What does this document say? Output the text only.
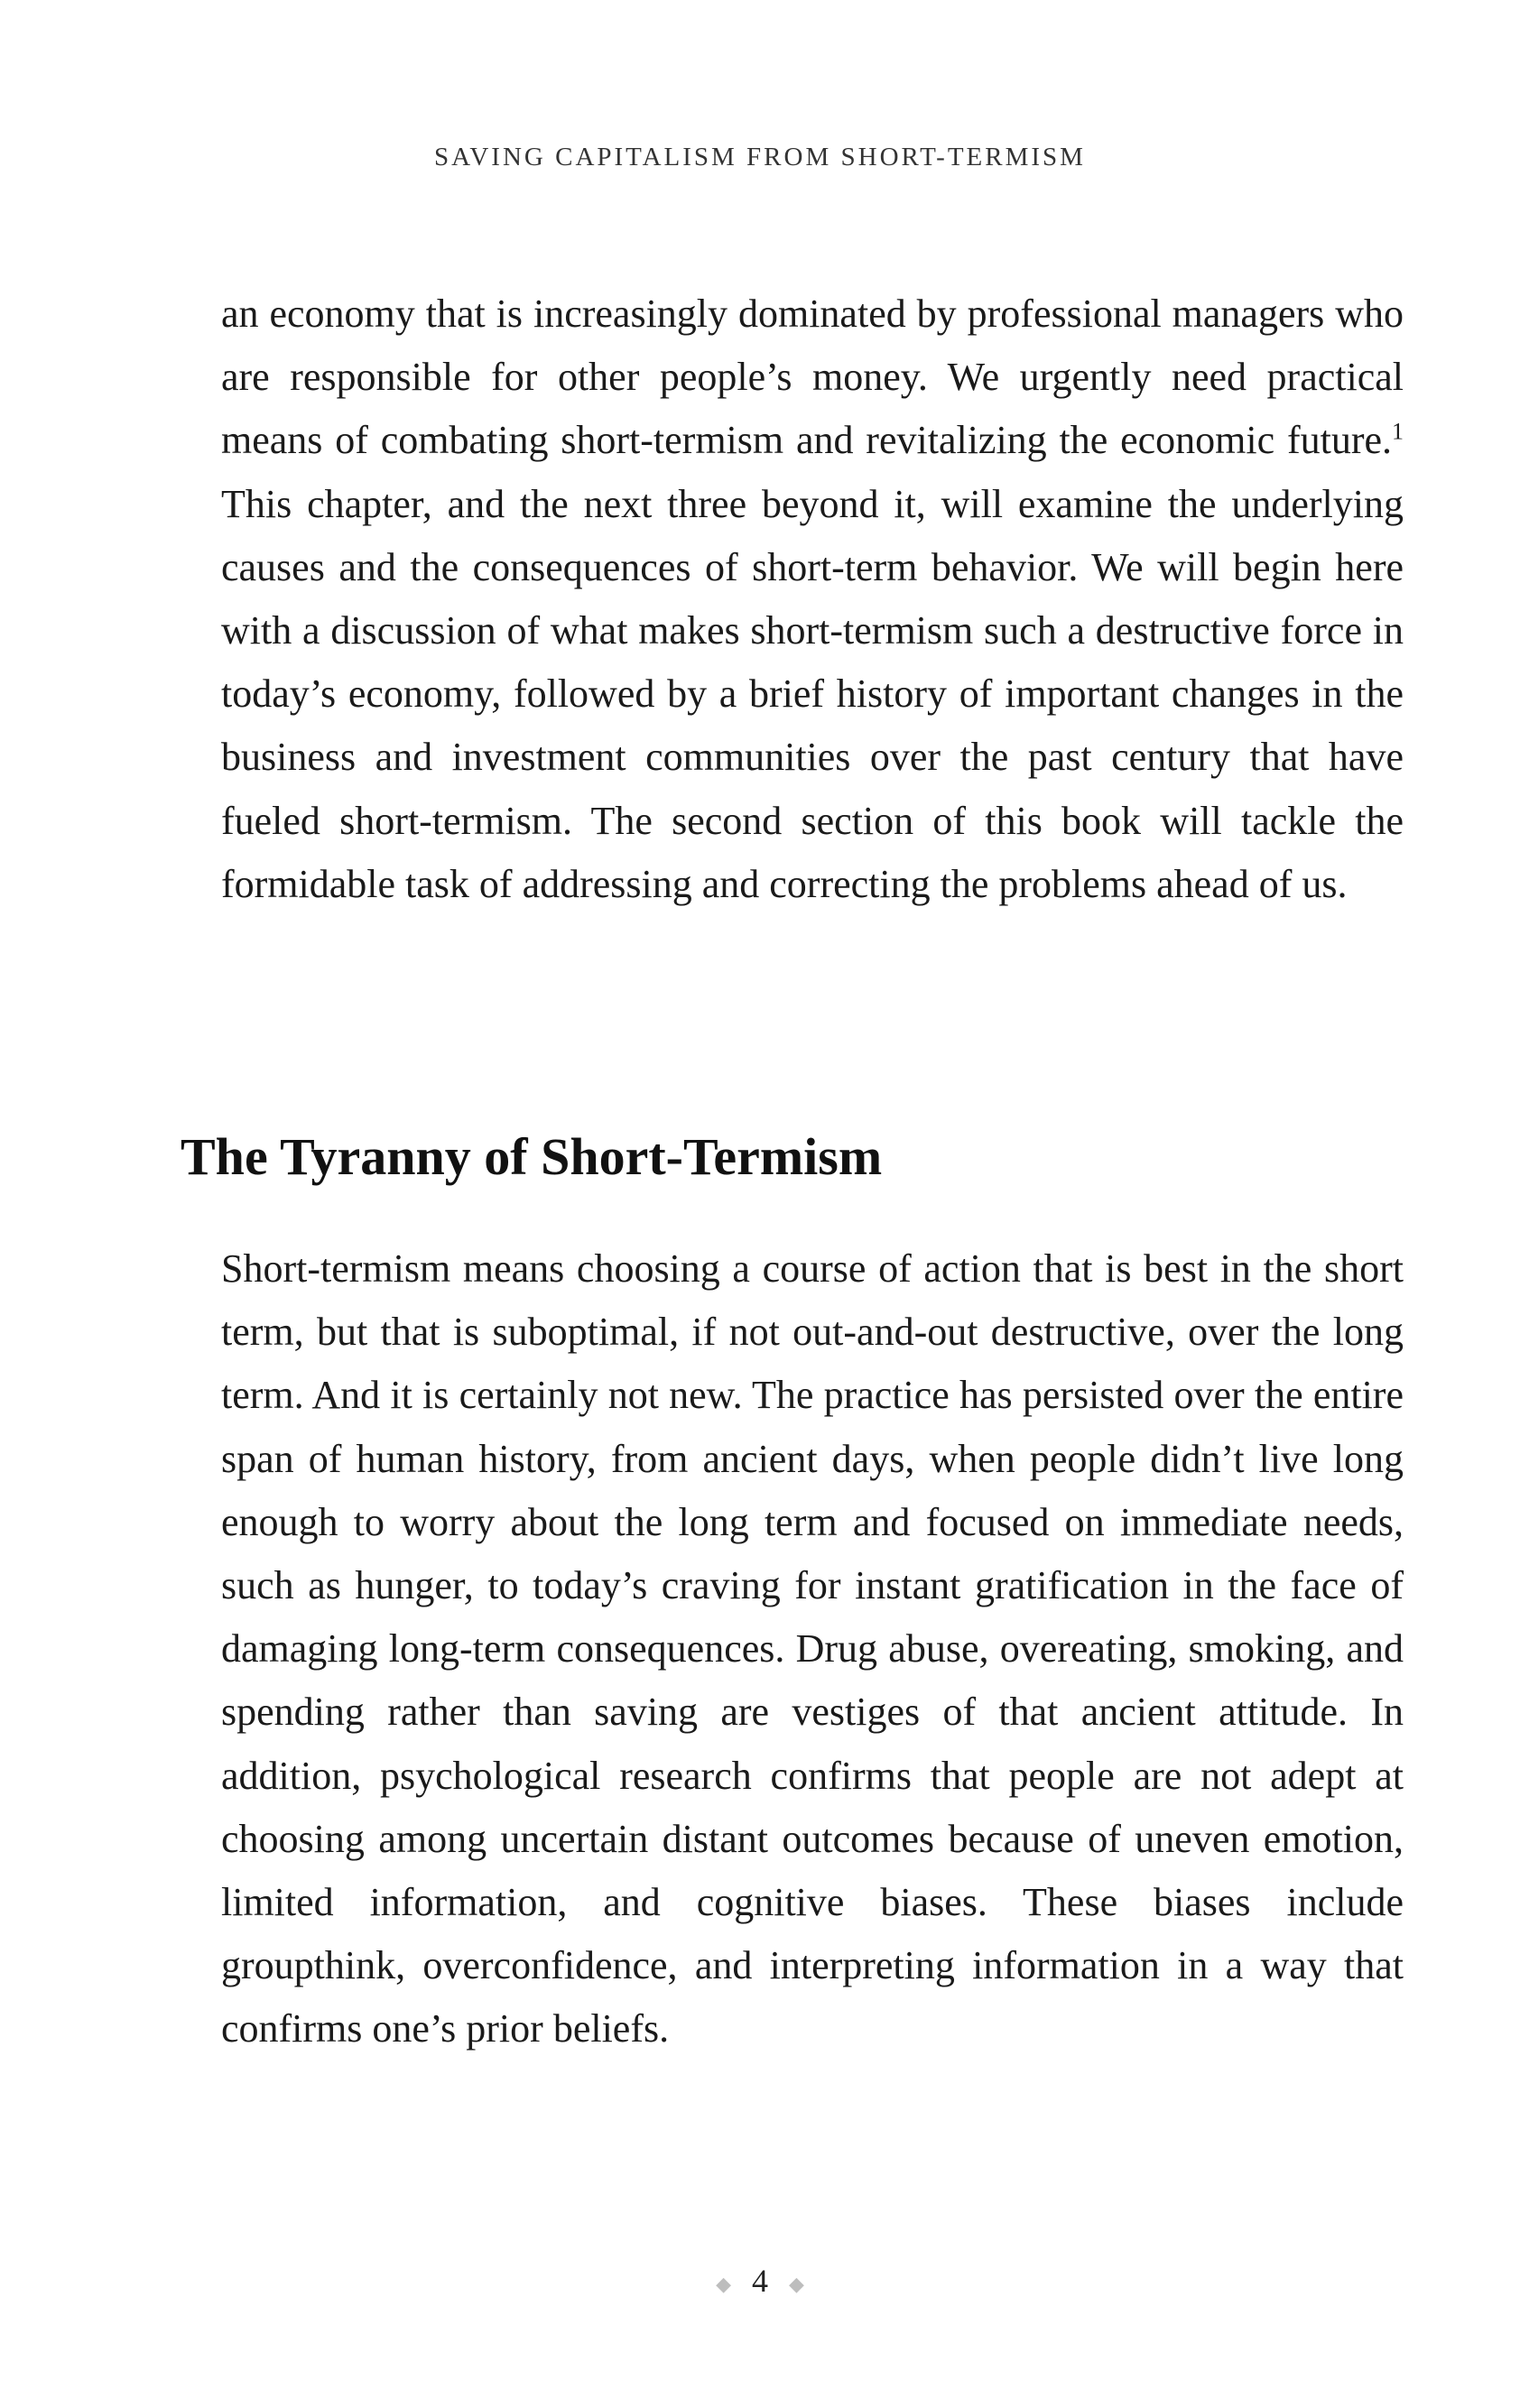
SAVING CAPITALISM FROM SHORT-TERMISM

an economy that is increasingly dominated by professional managers who are responsible for other people’s money. We urgently need practical means of combating short-termism and revitalizing the economic future.$^1$ This chapter, and the next three beyond it, will examine the underlying causes and the consequences of short-term behavior. We will begin here with a discussion of what makes short-termism such a destructive force in today’s economy, followed by a brief history of important changes in the business and investment communities over the past century that have fueled short-termism. The second section of this book will tackle the formidable task of addressing and correcting the problems ahead of us.

The Tyranny of Short-Termism

Short-termism means choosing a course of action that is best in the short term, but that is suboptimal, if not out-and-out destructive, over the long term. And it is certainly not new. The practice has persisted over the entire span of human history, from ancient days, when people didn’t live long enough to worry about the long term and focused on immediate needs, such as hunger, to today’s craving for instant gratification in the face of damaging long-term consequences. Drug abuse, overeating, smoking, and spending rather than saving are vestiges of that ancient attitude. In addition, psychological research confirms that people are not adept at choosing among uncertain distant outcomes because of uneven emotion, limited information, and cognitive biases. These biases include groupthink, overconfidence, and interpreting information in a way that confirms one’s prior beliefs.

◆ 4 ◆
